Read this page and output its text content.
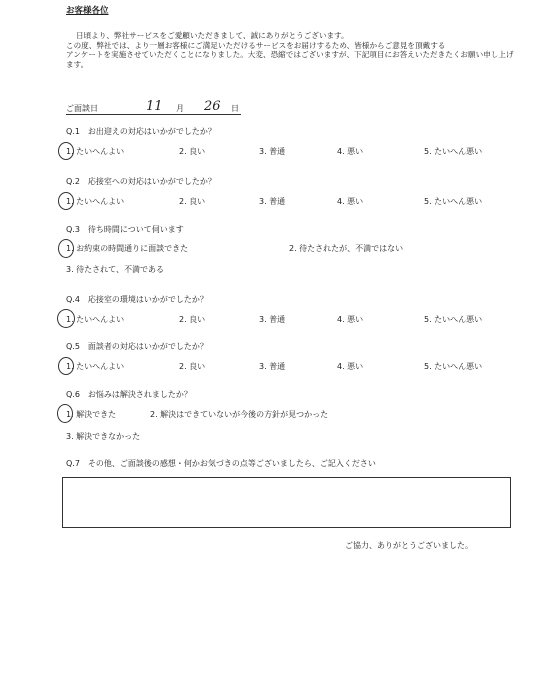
お客様各位

日頃より、弊社サービスをご愛顧いただきまして、誠にありがとうございます。

この度、弊社では、より一層お客様にご満足いただけるサービスをお届けするため、皆様からご意見を頂戴する

アンケートを実施させていただくことになりました。大変、恐縮ではございますが、下記項目にお答えいただきたくお願い申し上げます。

ご面談日	11 月 26 日
Q.1　お出迎えの対応はいかがでしたか？
1. たいへんよい	2. 良い	3. 普通	4. 悪い	5. たいへん悪い
Q.2　応接室への対応はいかがでしたか？
1. たいへんよい	2. 良い	3. 普通	4. 悪い	5. たいへん悪い
Q.3　待ち時間について伺います
1. お約束の時間通りに面談できた	2. 待たされたが、不満ではない
3. 待たされて、不満である
Q.4　応接室の環境はいかがでしたか？
1. たいへんよい	2. 良い	3. 普通	4. 悪い	5. たいへん悪い
Q.5　面談者の対応はいかがでしたか？
1. たいへんよい	2. 良い	3. 普通	4. 悪い	5. たいへん悪い
Q.6　お悩みは解決されましたか？
1. 解決できた	2. 解決はできていないが今後の方針が見つかった
3. 解決できなかった
Q.7　その他、ご面談後の感想・何かお気づきの点等ございましたら、ご記入ください
ご協力、ありがとうございました。
